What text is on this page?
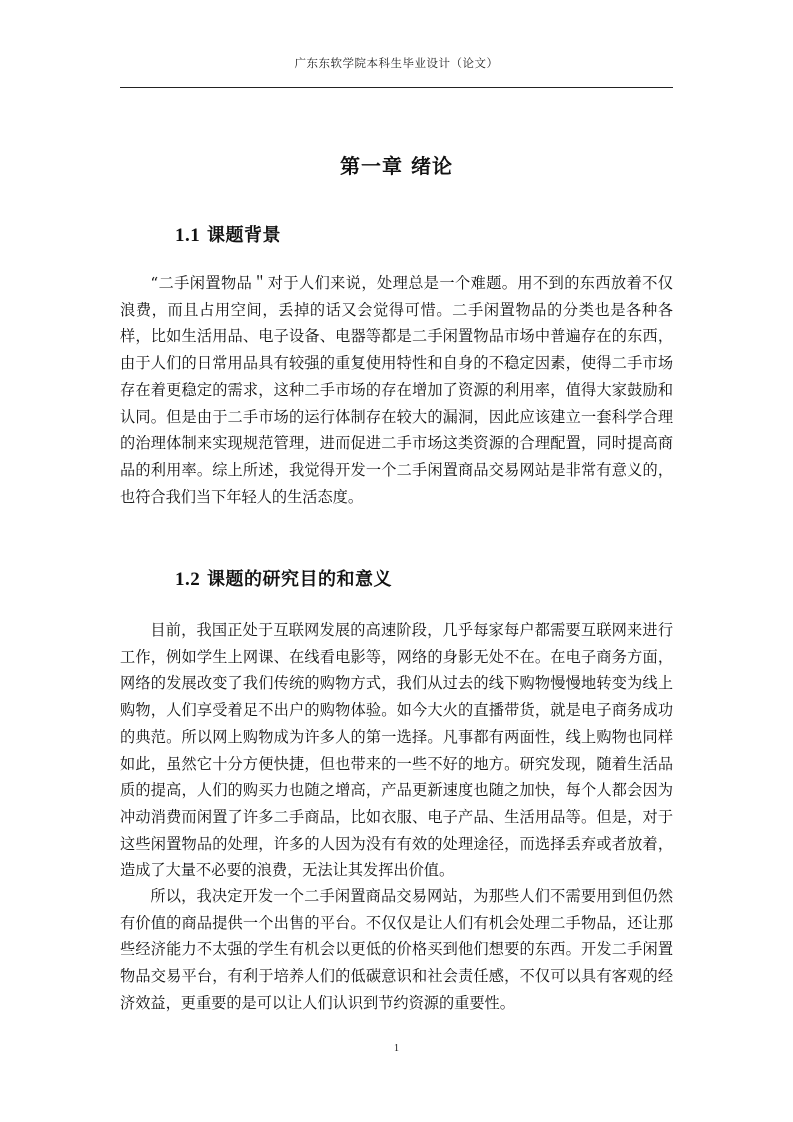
广东东软学院本科生毕业设计（论文）
第一章 绪论
1.1 课题背景

“二手闲置物品＂对于人们来说，处理总是一个难题。用不到的东西放着不仅浪费，而且占用空间，丢掉的话又会觉得可惜。二手闲置物品的分类也是各种各样，比如生活用品、电子设备、电器等都是二手闲置物品市场中普遍存在的东西，由于人们的日常用品具有较强的重复使用特性和自身的不稳定因素，使得二手市场存在着更稳定的需求，这种二手市场的存在增加了资源的利用率，值得大家鼓励和认同。但是由于二手市场的运行体制存在较大的漏洞，因此应该建立一套科学合理的治理体制来实现规范管理，进而促进二手市场这类资源的合理配置，同时提高商品的利用率。综上所述，我觉得开发一个二手闲置商品交易网站是非常有意义的，也符合我们当下年轻人的生活态度。

1.2 课题的研究目的和意义

目前，我国正处于互联网发展的高速阶段，几乎每家每户都需要互联网来进行工作，例如学生上网课、在线看电影等，网络的身影无处不在。在电子商务方面，网络的发展改变了我们传统的购物方式，我们从过去的线下购物慢慢地转变为线上购物，人们享受着足不出户的购物体验。如今大火的直播带货，就是电子商务成功的典范。所以网上购物成为许多人的第一选择。凡事都有两面性，线上购物也同样如此，虽然它十分方便快捷，但也带来的一些不好的地方。研究发现，随着生活品质的提高，人们的购买力也随之增高，产品更新速度也随之加快，每个人都会因为冲动消费而闲置了许多二手商品，比如衣服、电子产品、生活用品等。但是，对于这些闲置物品的处理，许多的人因为没有有效的处理途径，而选择丢弃或者放着，造成了大量不必要的浪费，无法让其发挥出价值。

所以，我决定开发一个二手闲置商品交易网站，为那些人们不需要用到但仍然有价值的商品提供一个出售的平台。不仅仅是让人们有机会处理二手物品，还让那些经济能力不太强的学生有机会以更低的价格买到他们想要的东西。开发二手闲置物品交易平台，有利于培养人们的低碳意识和社会责任感，不仅可以具有客观的经济效益，更重要的是可以让人们认识到节约资源的重要性。

1
